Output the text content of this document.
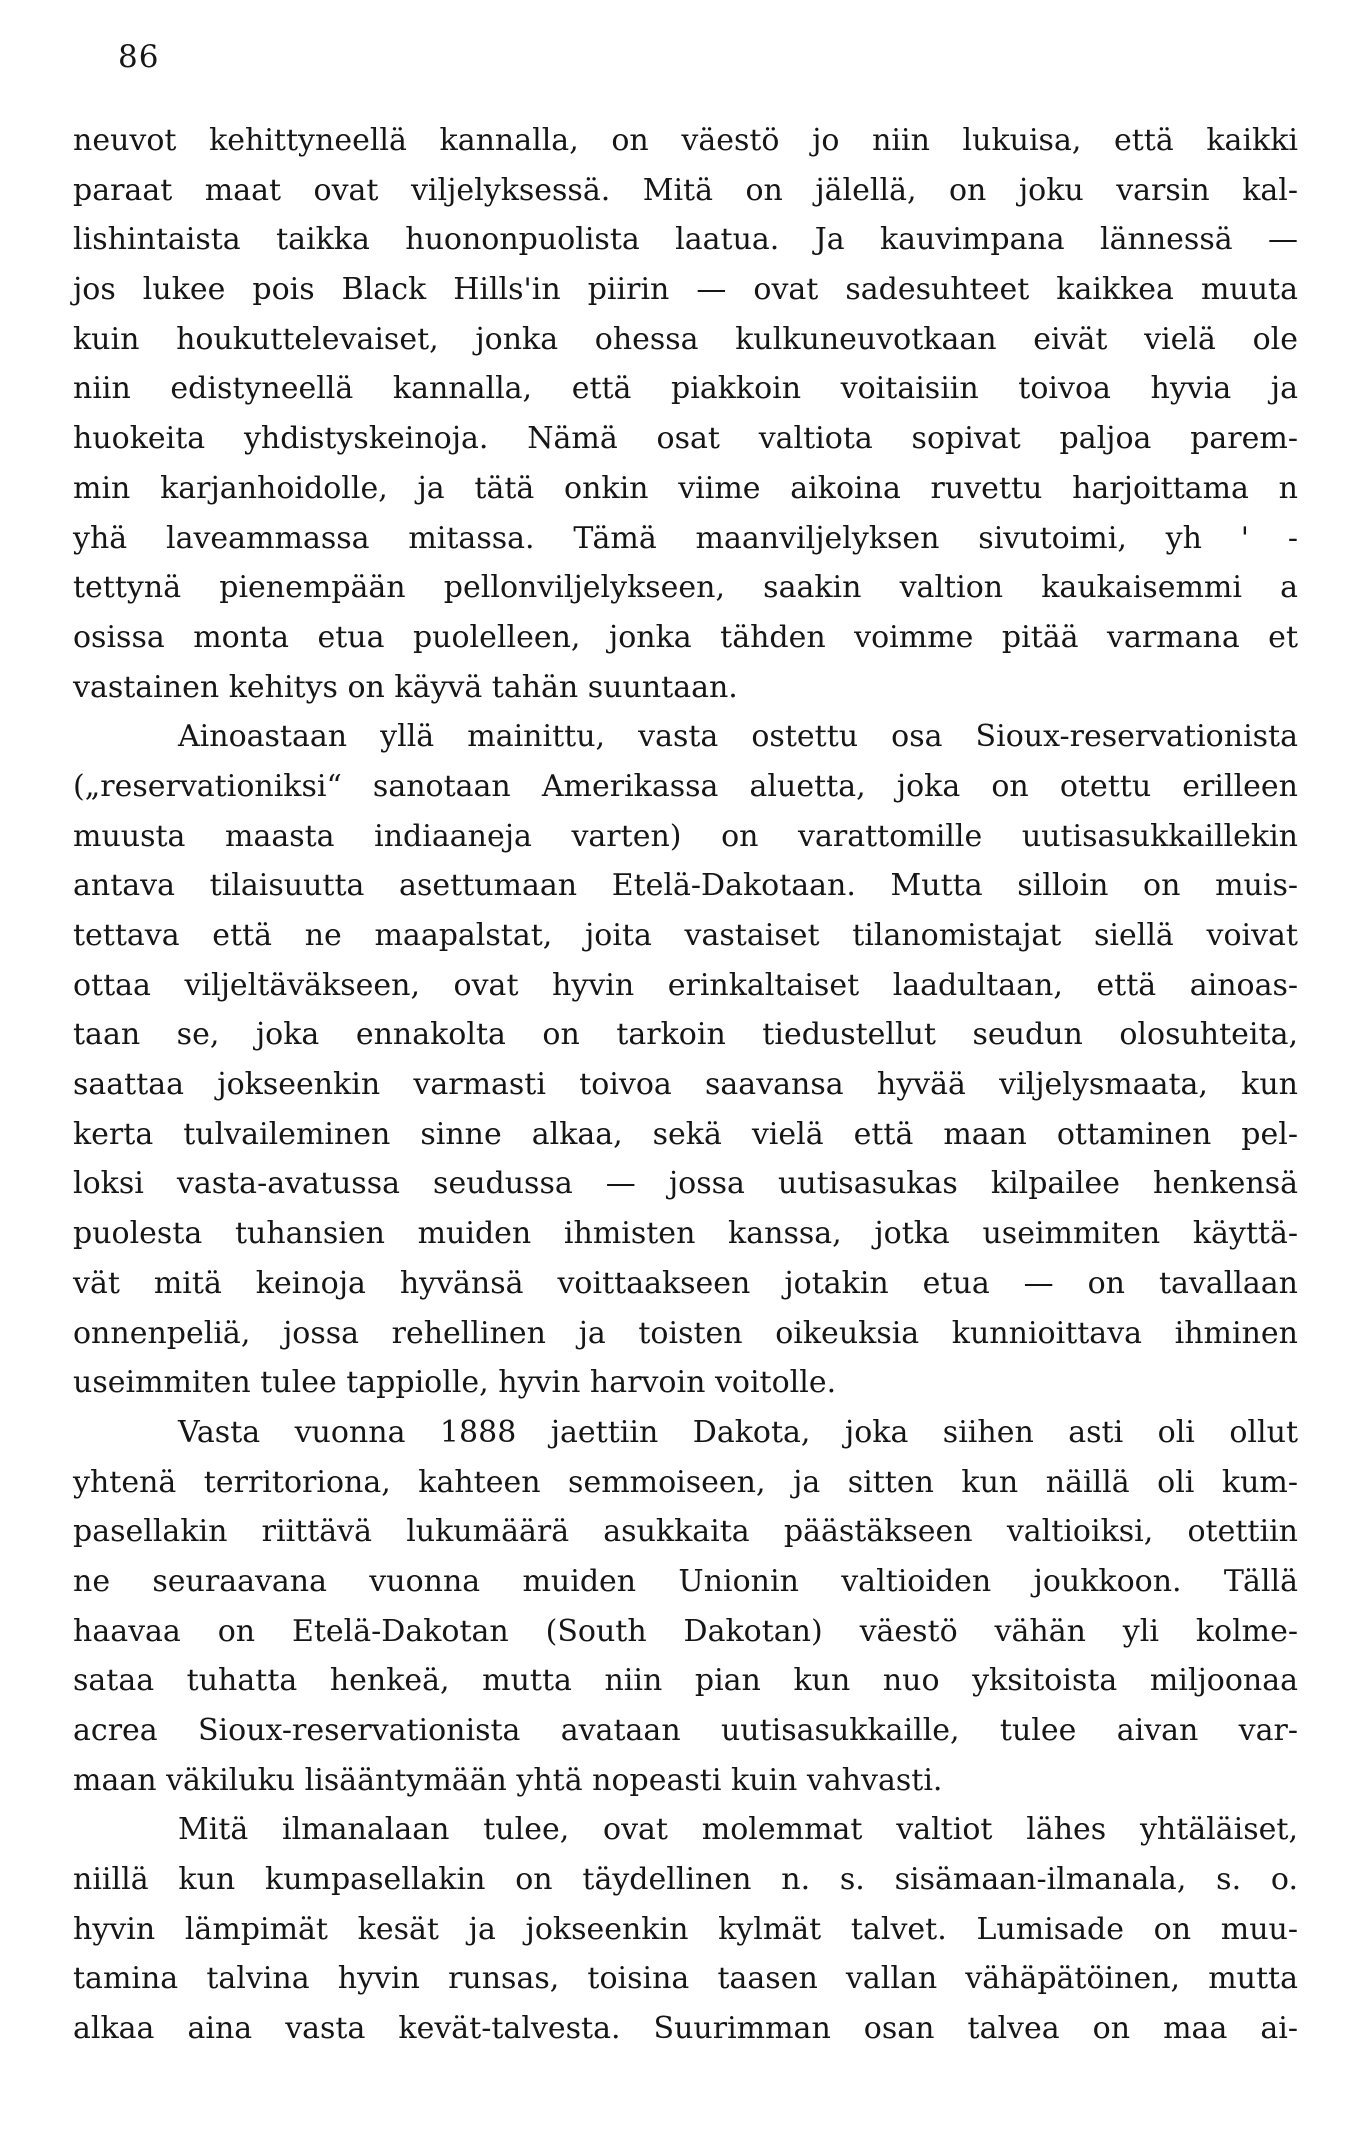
86
neuvot kehittyneellä kannalla, on väestö jo niin lukuisa, että kaikki
paraat maat ovat viljelyksessä. Mitä on jälellä, on joku varsin kal-
lishintaista taikka huononpuolista laatua. Ja kauvimpana lännessä —
jos lukee pois Black Hills'in piirin — ovat sadesuhteet kaikkea muuta
kuin houkuttelevaiset, jonka ohessa kulkuneuvotkaan eivät vielä ole
niin edistyneellä kannalla, että piakkoin voitaisiin toivoa hyvia ja
huokeita yhdistyskeinoja. Nämä osat valtiota sopivat paljoa parem-
min karjanhoidolle, ja tätä onkin viime aikoina ruvettu harjoittama n
yhä laveammassa mitassa. Tämä maanviljelyksen sivutoimi, yh ' -
tettynä pienempään pellonviljelykseen, saakin valtion kaukaisemmi a
osissa monta etua puolelleen, jonka tähden voimme pitää varmana et
vastainen kehitys on käyvä tahän suuntaan.
Ainoastaan yllä mainittu, vasta ostettu osa Sioux-reservationista
(„reservationiksi“ sanotaan Amerikassa aluetta, joka on otettu erilleen
muusta maasta indiaaneja varten) on varattomille uutisasukkaillekin
antava tilaisuutta asettumaan Etelä-Dakotaan. Mutta silloin on muis-
tettava että ne maapalstat, joita vastaiset tilanomistajat siellä voivat
ottaa viljeltäväkseen, ovat hyvin erinkaltaiset laadultaan, että ainoas-
taan se, joka ennakolta on tarkoin tiedustellut seudun olosuhteita,
saattaa jokseenkin varmasti toivoa saavansa hyvää viljelysmaata, kun
kerta tulvaileminen sinne alkaa, sekä vielä että maan ottaminen pel-
loksi vasta-avatussa seudussa — jossa uutisasukas kilpailee henkensä
puolesta tuhansien muiden ihmisten kanssa, jotka useimmiten käyttä-
vät mitä keinoja hyvänsä voittaakseen jotakin etua — on tavallaan
onnenpeliä, jossa rehellinen ja toisten oikeuksia kunnioittava ihminen
useimmiten tulee tappiolle, hyvin harvoin voitolle.
Vasta vuonna 1888 jaettiin Dakota, joka siihen asti oli ollut
yhtenä territoriona, kahteen semmoiseen, ja sitten kun näillä oli kum-
pasellakin riittävä lukumäärä asukkaita päästäkseen valtioiksi, otettiin
ne seuraavana vuonna muiden Unionin valtioiden joukkoon. Tällä
haavaa on Etelä-Dakotan (South Dakotan) väestö vähän yli kolme-
sataa tuhatta henkeä, mutta niin pian kun nuo yksitoista miljoonaa
acrea Sioux-reservationista avataan uutisasukkaille, tulee aivan var-
maan väkiluku lisääntymään yhtä nopeasti kuin vahvasti.
Mitä ilmanalaan tulee, ovat molemmat valtiot lähes yhtäläiset,
niillä kun kumpasellakin on täydellinen n. s. sisämaan-ilmanala, s. o.
hyvin lämpimät kesät ja jokseenkin kylmät talvet. Lumisade on muu-
tamina talvina hyvin runsas, toisina taasen vallan vähäpätöinen, mutta
alkaa aina vasta kevät-talvesta. Suurimman osan talvea on maa ai-
